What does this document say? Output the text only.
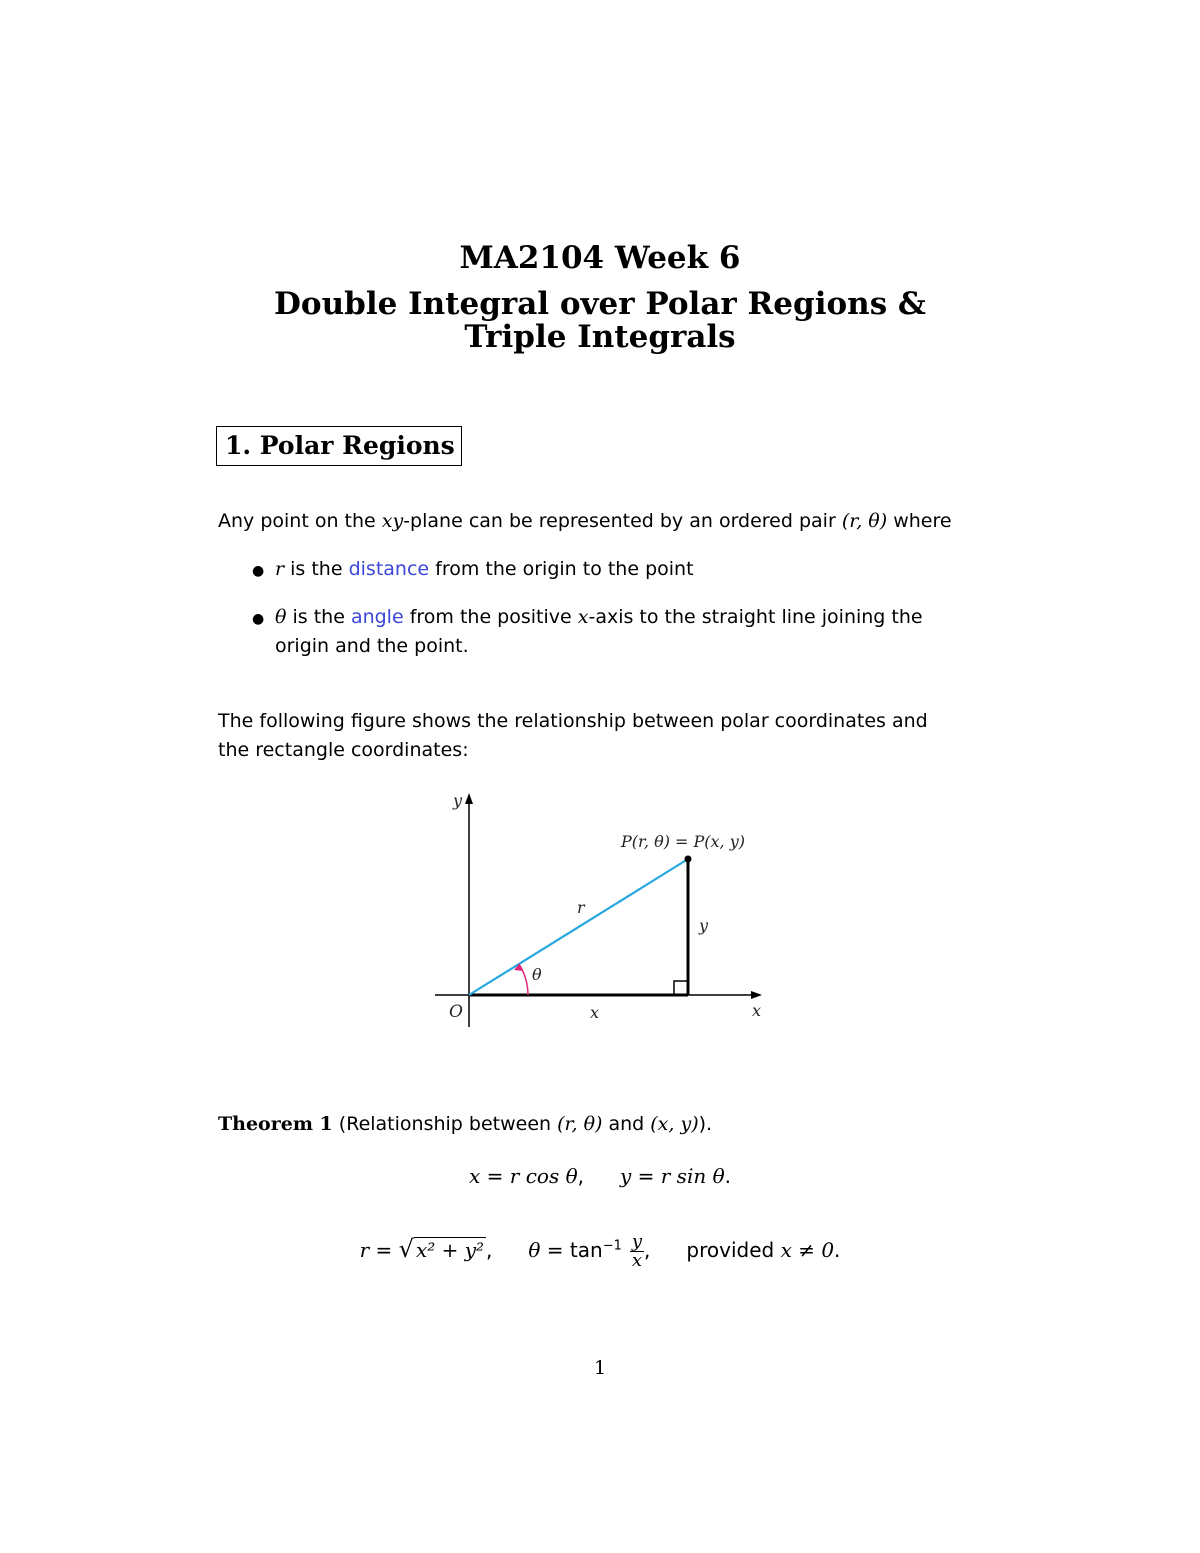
MA2104 Week 6
Double Integral over Polar Regions &
Triple Integrals
1. Polar Regions
Any point on the xy-plane can be represented by an ordered pair (r, θ) where
● r is the distance from the origin to the point
● θ is the angle from the positive x-axis to the straight line joining the
origin and the point.
The following figure shows the relationship between polar coordinates and
the rectangle coordinates:
y
x
O
P(r, θ) = P(x, y)
r
θ
x
y
Theorem 1 (Relationship between (r, θ) and (x, y)).
x = r cos θ, y = r sin θ.
r = √ x² + y² , $\theta = \tan^{-1} \frac{y}{x}$ , provided x ≠ 0.
1
